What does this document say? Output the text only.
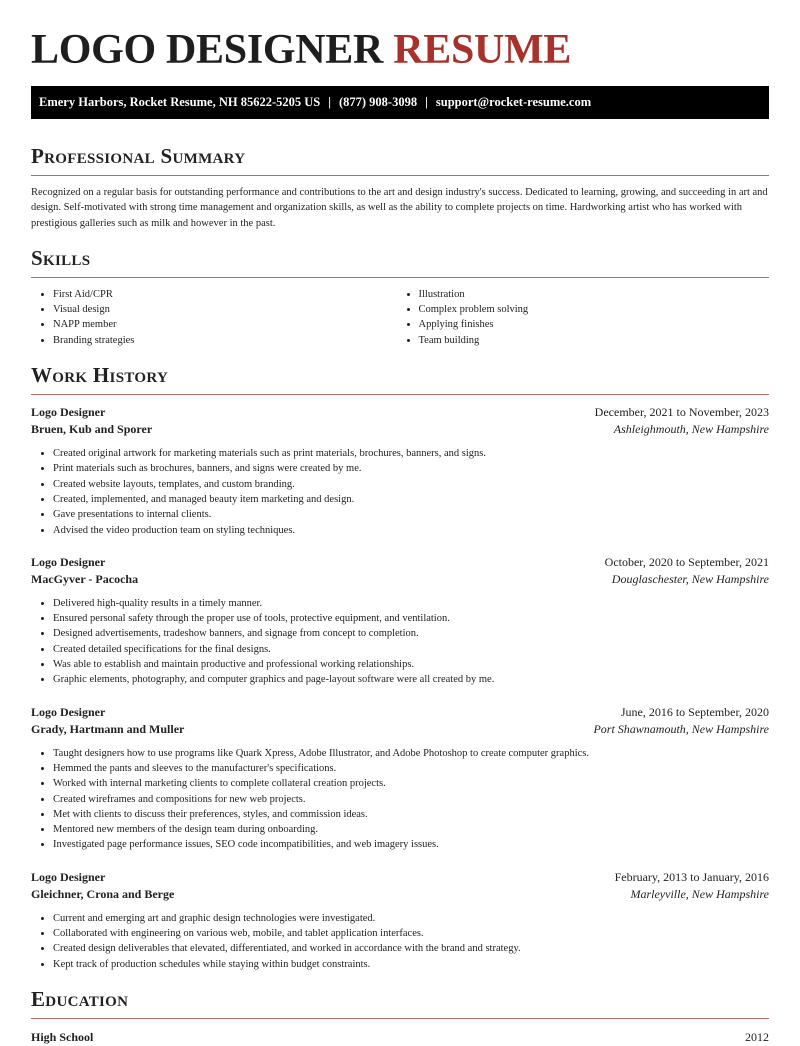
LOGO DESIGNER RESUME
Emery Harbors, Rocket Resume, NH 85622-5205 US | (877) 908-3098 | support@rocket-resume.com
Professional Summary

Recognized on a regular basis for outstanding performance and contributions to the art and design industry's success. Dedicated to learning, growing, and succeeding in art and design. Self-motivated with strong time management and organization skills, as well as the ability to complete projects on time. Hardworking artist who has worked with prestigious galleries such as milk and however in the past.

Skills
• First Aid/CPR
• Visual design
• NAPP member
• Branding strategies
• Illustration
• Complex problem solving
• Applying finishes
• Team building
Work History
Logo Designer	December, 2021 to November, 2023
Bruen, Kub and Sporer	Ashleighmouth, New Hampshire
• Created original artwork for marketing materials such as print materials, brochures, banners, and signs.
• Print materials such as brochures, banners, and signs were created by me.
• Created website layouts, templates, and custom branding.
• Created, implemented, and managed beauty item marketing and design.
• Gave presentations to internal clients.
• Advised the video production team on styling techniques.
Logo Designer	October, 2020 to September, 2021
MacGyver - Pacocha	Douglaschester, New Hampshire
• Delivered high-quality results in a timely manner.
• Ensured personal safety through the proper use of tools, protective equipment, and ventilation.
• Designed advertisements, tradeshow banners, and signage from concept to completion.
• Created detailed specifications for the final designs.
• Was able to establish and maintain productive and professional working relationships.
• Graphic elements, photography, and computer graphics and page-layout software were all created by me.
Logo Designer	June, 2016 to September, 2020
Grady, Hartmann and Muller	Port Shawnamouth, New Hampshire
• Taught designers how to use programs like Quark Xpress, Adobe Illustrator, and Adobe Photoshop to create computer graphics.
• Hemmed the pants and sleeves to the manufacturer's specifications.
• Worked with internal marketing clients to complete collateral creation projects.
• Created wireframes and compositions for new web projects.
• Met with clients to discuss their preferences, styles, and commission ideas.
• Mentored new members of the design team during onboarding.
• Investigated page performance issues, SEO code incompatibilities, and web imagery issues.
Logo Designer	February, 2013 to January, 2016
Gleichner, Crona and Berge	Marleyville, New Hampshire
• Current and emerging art and graphic design technologies were investigated.
• Collaborated with engineering on various web, mobile, and tablet application interfaces.
• Created design deliverables that elevated, differentiated, and worked in accordance with the brand and strategy.
• Kept track of production schedules while staying within budget constraints.
Education
High School	2012
